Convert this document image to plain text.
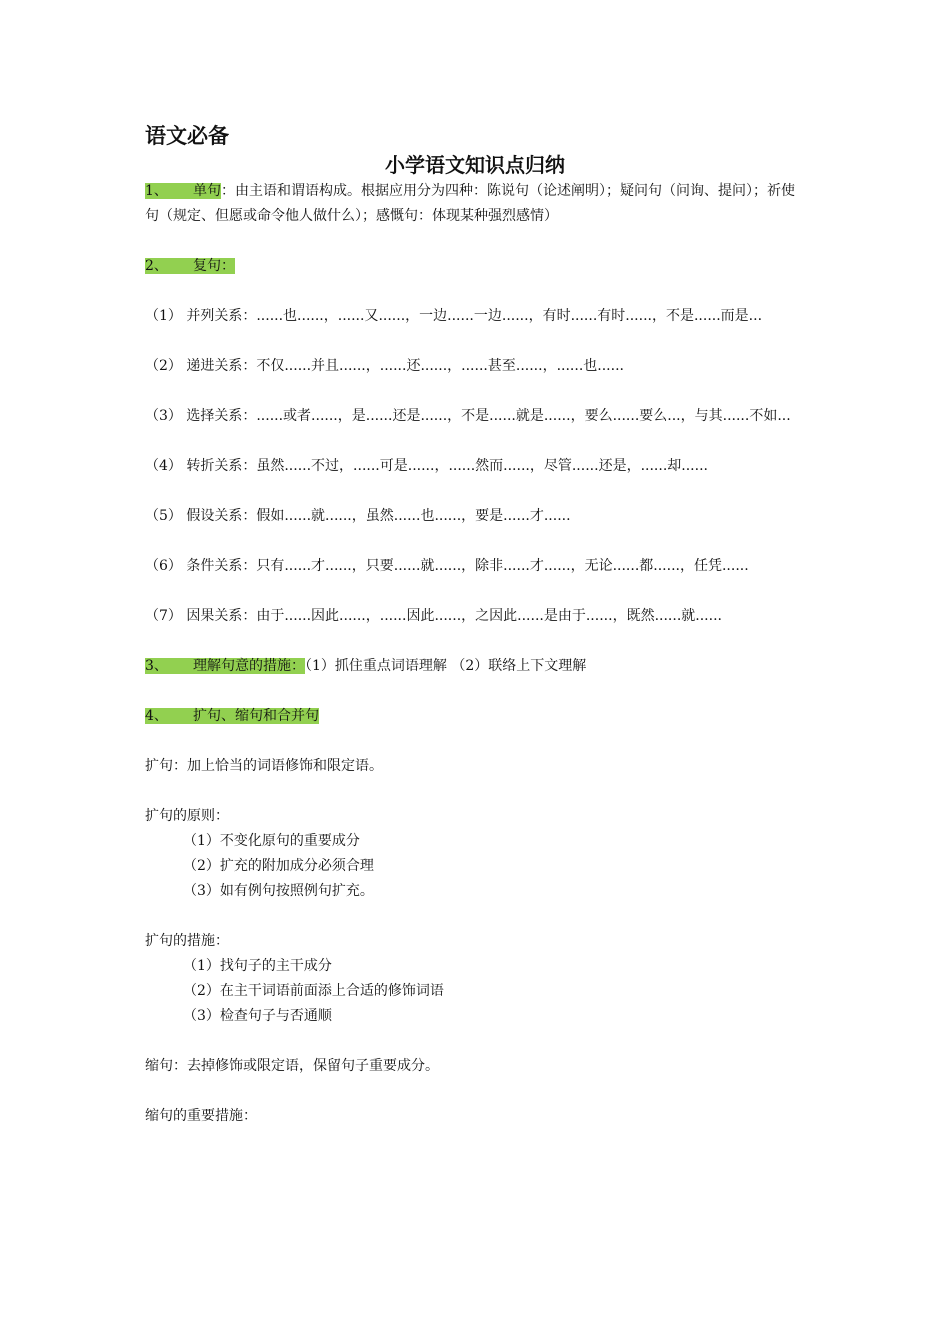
语文必备
小学语文知识点归纳

1、 单句：由主语和谓语构成。根据应用分为四种：陈说句（论述阐明）；疑问句（问询、提问）；祈使句（规定、但愿或命令他人做什么）；感慨句：体现某种强烈感情）

2、 复句：

（1） 并列关系：......也......，......又......，一边......一边......，有时......有时......，不是......而是...

（2） 递进关系：不仅......并且......，......还......，......甚至......，......也......

（3） 选择关系：......或者......，是......还是......，不是......就是......，要么......要么...，与其......不如...

（4） 转折关系：虽然......不过，......可是......，......然而......，尽管......还是，......却......

（5） 假设关系：假如......就......，虽然......也......，要是......才......

（6） 条件关系：只有......才......，只要......就......，除非......才......，无论......都......，任凭......

（7） 因果关系：由于......因此......，......因此......，之因此......是由于......，既然......就......

3、 理解句意的措施：（1）抓住重点词语理解 （2）联络上下文理解

4、 扩句、缩句和合并句

扩句：加上恰当的词语修饰和限定语。

扩句的原则：

（1）不变化原句的重要成分

（2）扩充的附加成分必须合理

（3）如有例句按照例句扩充。

扩句的措施：

（1）找句子的主干成分

（2）在主干词语前面添上合适的修饰词语

（3）检查句子与否通顺

缩句：去掉修饰或限定语，保留句子重要成分。

缩句的重要措施：
